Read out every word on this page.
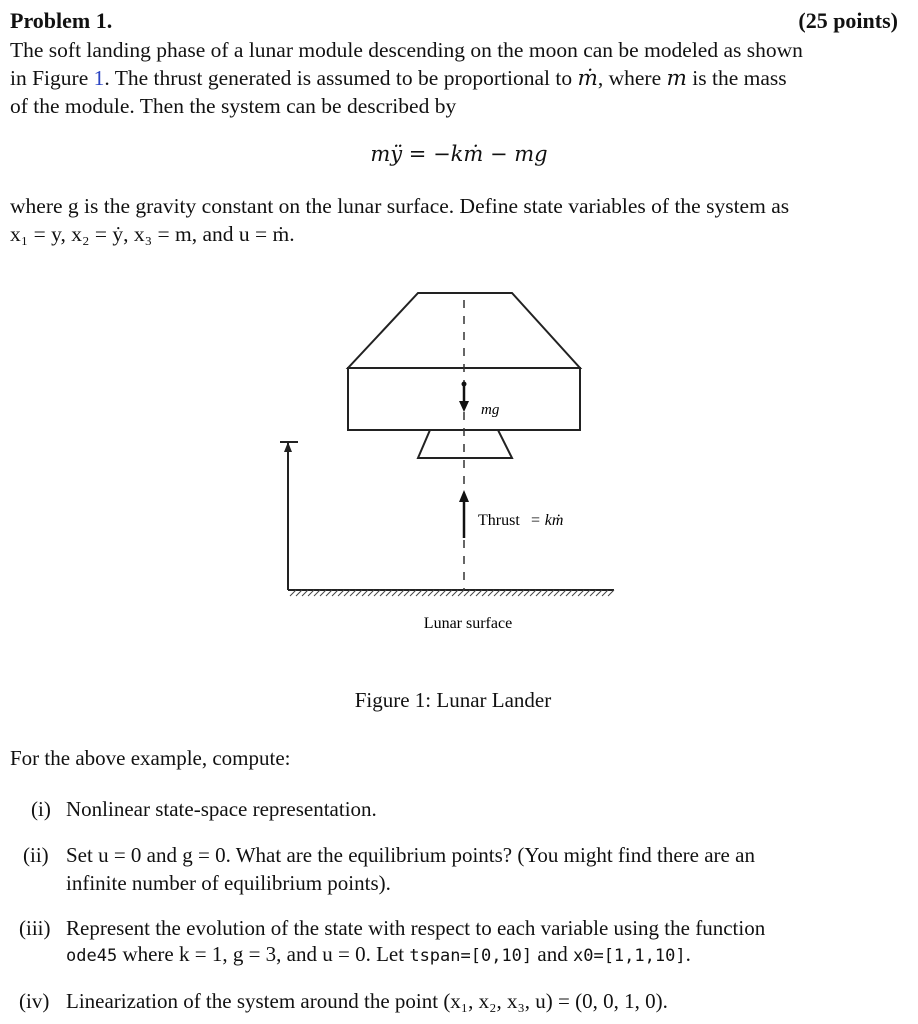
Problem 1.	(25 points)
The soft landing phase of a lunar module descending on the moon can be modeled as shown
in Figure 1. The thrust generated is assumed to be proportional to ṁ, where m is the mass
of the module. Then the system can be described by
mÿ = −kṁ − mg
where g is the gravity constant on the lunar surface. Define state variables of the system as
x₁ = y, x₂ = ẏ, x₃ = m, and u = ṁ.
mg
Thrust = kṁ
Lunar surface
Figure 1: Lunar Lander
For the above example, compute:
(i) Nonlinear state-space representation.
(ii) Set u = 0 and g = 0. What are the equilibrium points? (You might find there are an
infinite number of equilibrium points).
(iii) Represent the evolution of the state with respect to each variable using the function
ode45 where k = 1, g = 3, and u = 0. Let tspan=[0,10] and x0=[1,1,10].
(iv) Linearization of the system around the point (x₁, x₂, x₃, u) = (0, 0, 1, 0).
